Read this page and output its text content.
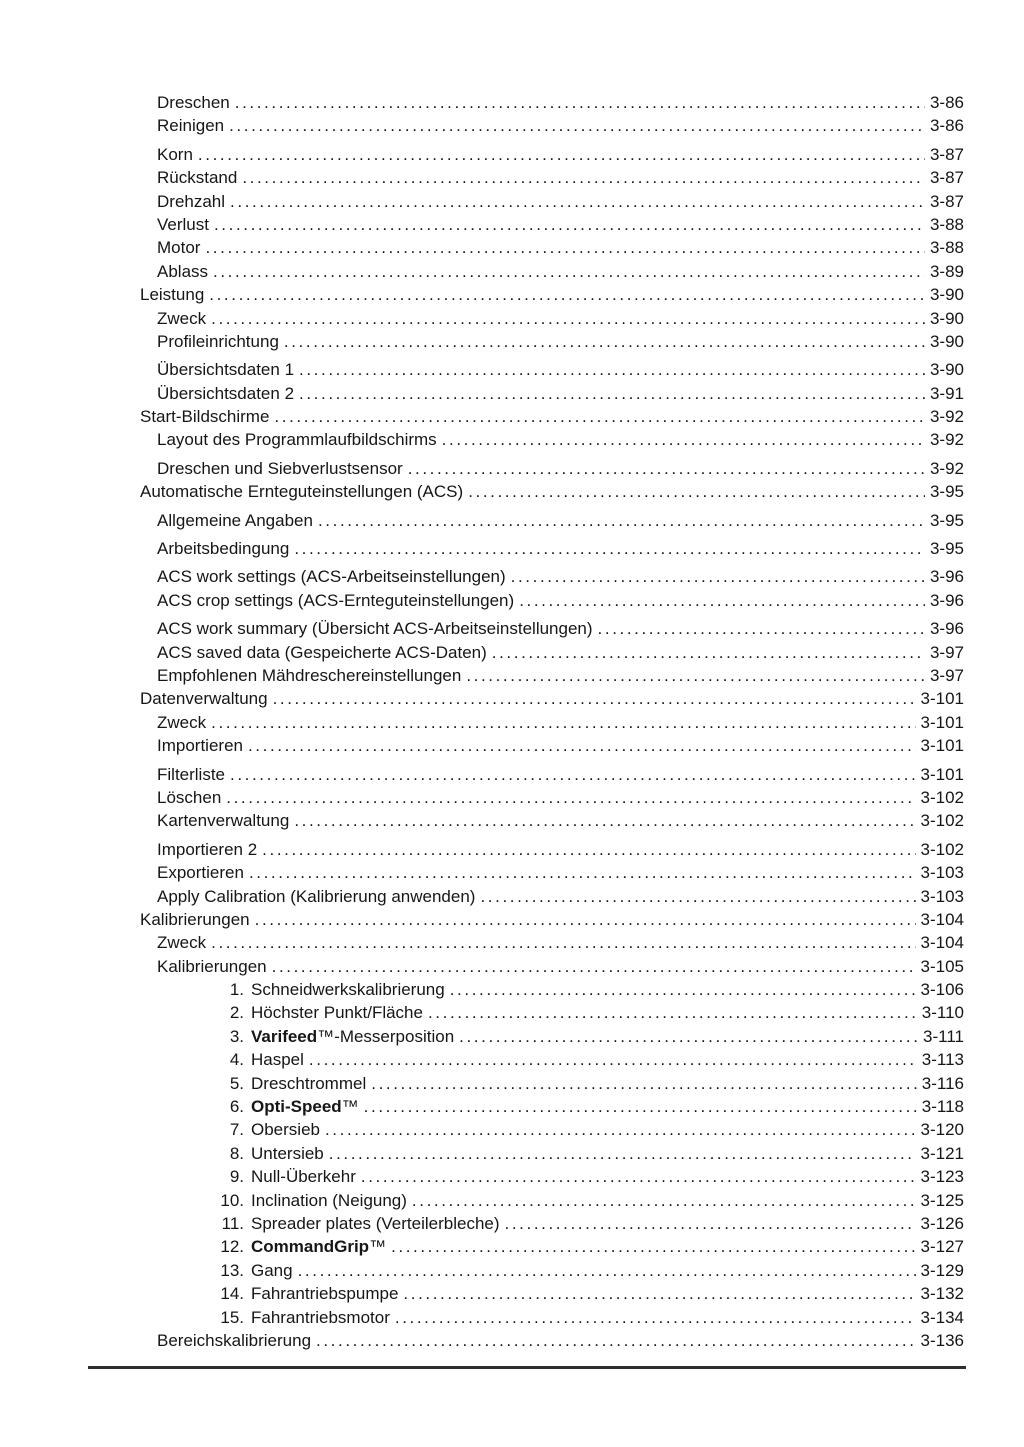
Dreschen .....	3-86
Reinigen .....	3-86
Korn .....	3-87
Rückstand .....	3-87
Drehzahl .....	3-87
Verlust .....	3-88
Motor .....	3-88
Ablass .....	3-89
Leistung .....	3-90
Zweck .....	3-90
Profileinrichtung .....	3-90
Übersichtsdaten 1 .....	3-90
Übersichtsdaten 2 .....	3-91
Start-Bildschirme .....	3-92
Layout des Programmlaufbildschirms .....	3-92
Dreschen und Siebverlustsensor .....	3-92
Automatische Ernteguteinstellungen (ACS) .....	3-95
Allgemeine Angaben .....	3-95
Arbeitsbedingung .....	3-95
ACS work settings (ACS-Arbeitseinstellungen) .....	3-96
ACS crop settings (ACS-Ernteguteinstellungen) .....	3-96
ACS work summary (Übersicht ACS-Arbeitseinstellungen) .....	3-96
ACS saved data (Gespeicherte ACS-Daten) .....	3-97
Empfohlenen Mähdreschereinstellungen .....	3-97
Datenverwaltung .....	3-101
Zweck .....	3-101
Importieren .....	3-101
Filterliste .....	3-101
Löschen .....	3-102
Kartenverwaltung .....	3-102
Importieren 2 .....	3-102
Exportieren .....	3-103
Apply Calibration (Kalibrierung anwenden) .....	3-103
Kalibrierungen .....	3-104
Zweck .....	3-104
Kalibrierungen .....	3-105
1. Schneidwerkskalibrierung .....	3-106
2. Höchster Punkt/Fläche .....	3-110
3. Varifeed™-Messerposition .....	3-111
4. Haspel .....	3-113
5. Dreschtrommel .....	3-116
6. Opti-Speed™ .....	3-118
7. Obersieb .....	3-120
8. Untersieb .....	3-121
9. Null-Überkehr .....	3-123
10. Inclination (Neigung) .....	3-125
11. Spreader plates (Verteilerbleche) .....	3-126
12. CommandGrip™ .....	3-127
13. Gang .....	3-129
14. Fahrantriebspumpe .....	3-132
15. Fahrantriebsmotor .....	3-134
Bereichskalibrierung .....	3-136
